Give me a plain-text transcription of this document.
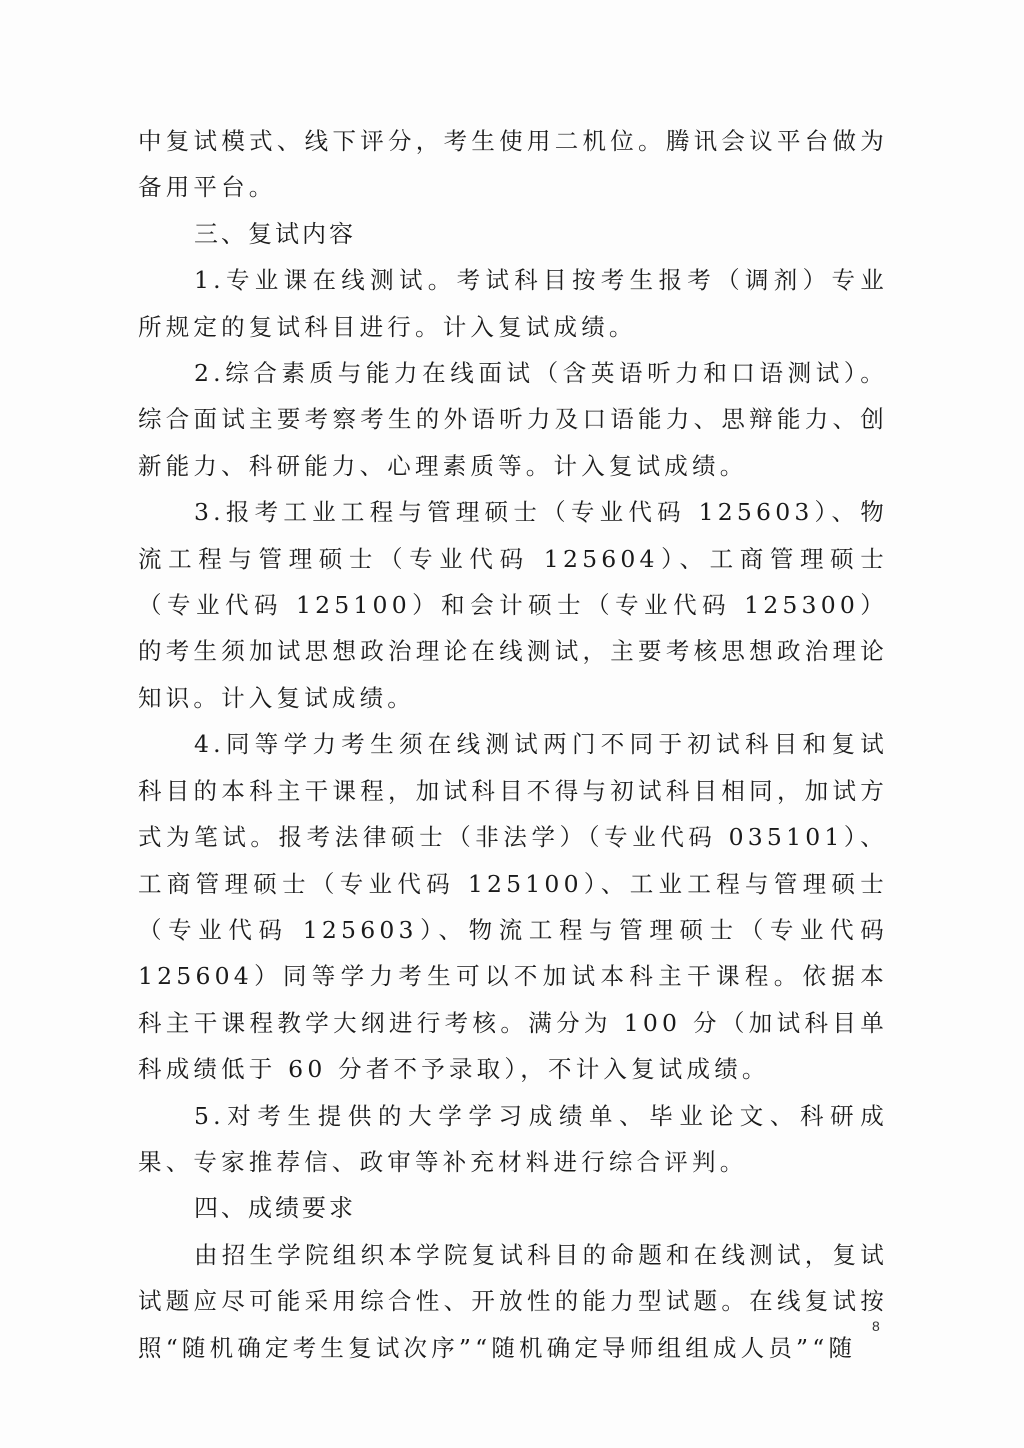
中复试模式、线下评分，考生使用二机位。腾讯会议平台做为备用平台。

三、复试内容

1.专业课在线测试。考试科目按考生报考（调剂）专业所规定的复试科目进行。计入复试成绩。

2.综合素质与能力在线面试（含英语听力和口语测试）。综合面试主要考察考生的外语听力及口语能力、思辩能力、创新能力、科研能力、心理素质等。计入复试成绩。

3.报考工业工程与管理硕士（专业代码 125603）、物流工程与管理硕士（专业代码 125604）、工商管理硕士（专业代码 125100）和会计硕士（专业代码 125300）的考生须加试思想政治理论在线测试，主要考核思想政治理论知识。计入复试成绩。

4.同等学力考生须在线测试两门不同于初试科目和复试科目的本科主干课程，加试科目不得与初试科目相同，加试方式为笔试。报考法律硕士（非法学）（专业代码 035101）、工商管理硕士（专业代码 125100）、工业工程与管理硕士（专业代码 125603）、物流工程与管理硕士（专业代码 125604）同等学力考生可以不加试本科主干课程。依据本科主干课程教学大纲进行考核。满分为 100 分（加试科目单科成绩低于 60 分者不予录取），不计入复试成绩。

5.对考生提供的大学学习成绩单、毕业论文、科研成果、专家推荐信、政审等补充材料进行综合评判。

四、成绩要求

由招生学院组织本学院复试科目的命题和在线测试，复试试题应尽可能采用综合性、开放性的能力型试题。在线复试按照“随机确定考生复试次序”“随机确定导师组组成人员”“随

8
